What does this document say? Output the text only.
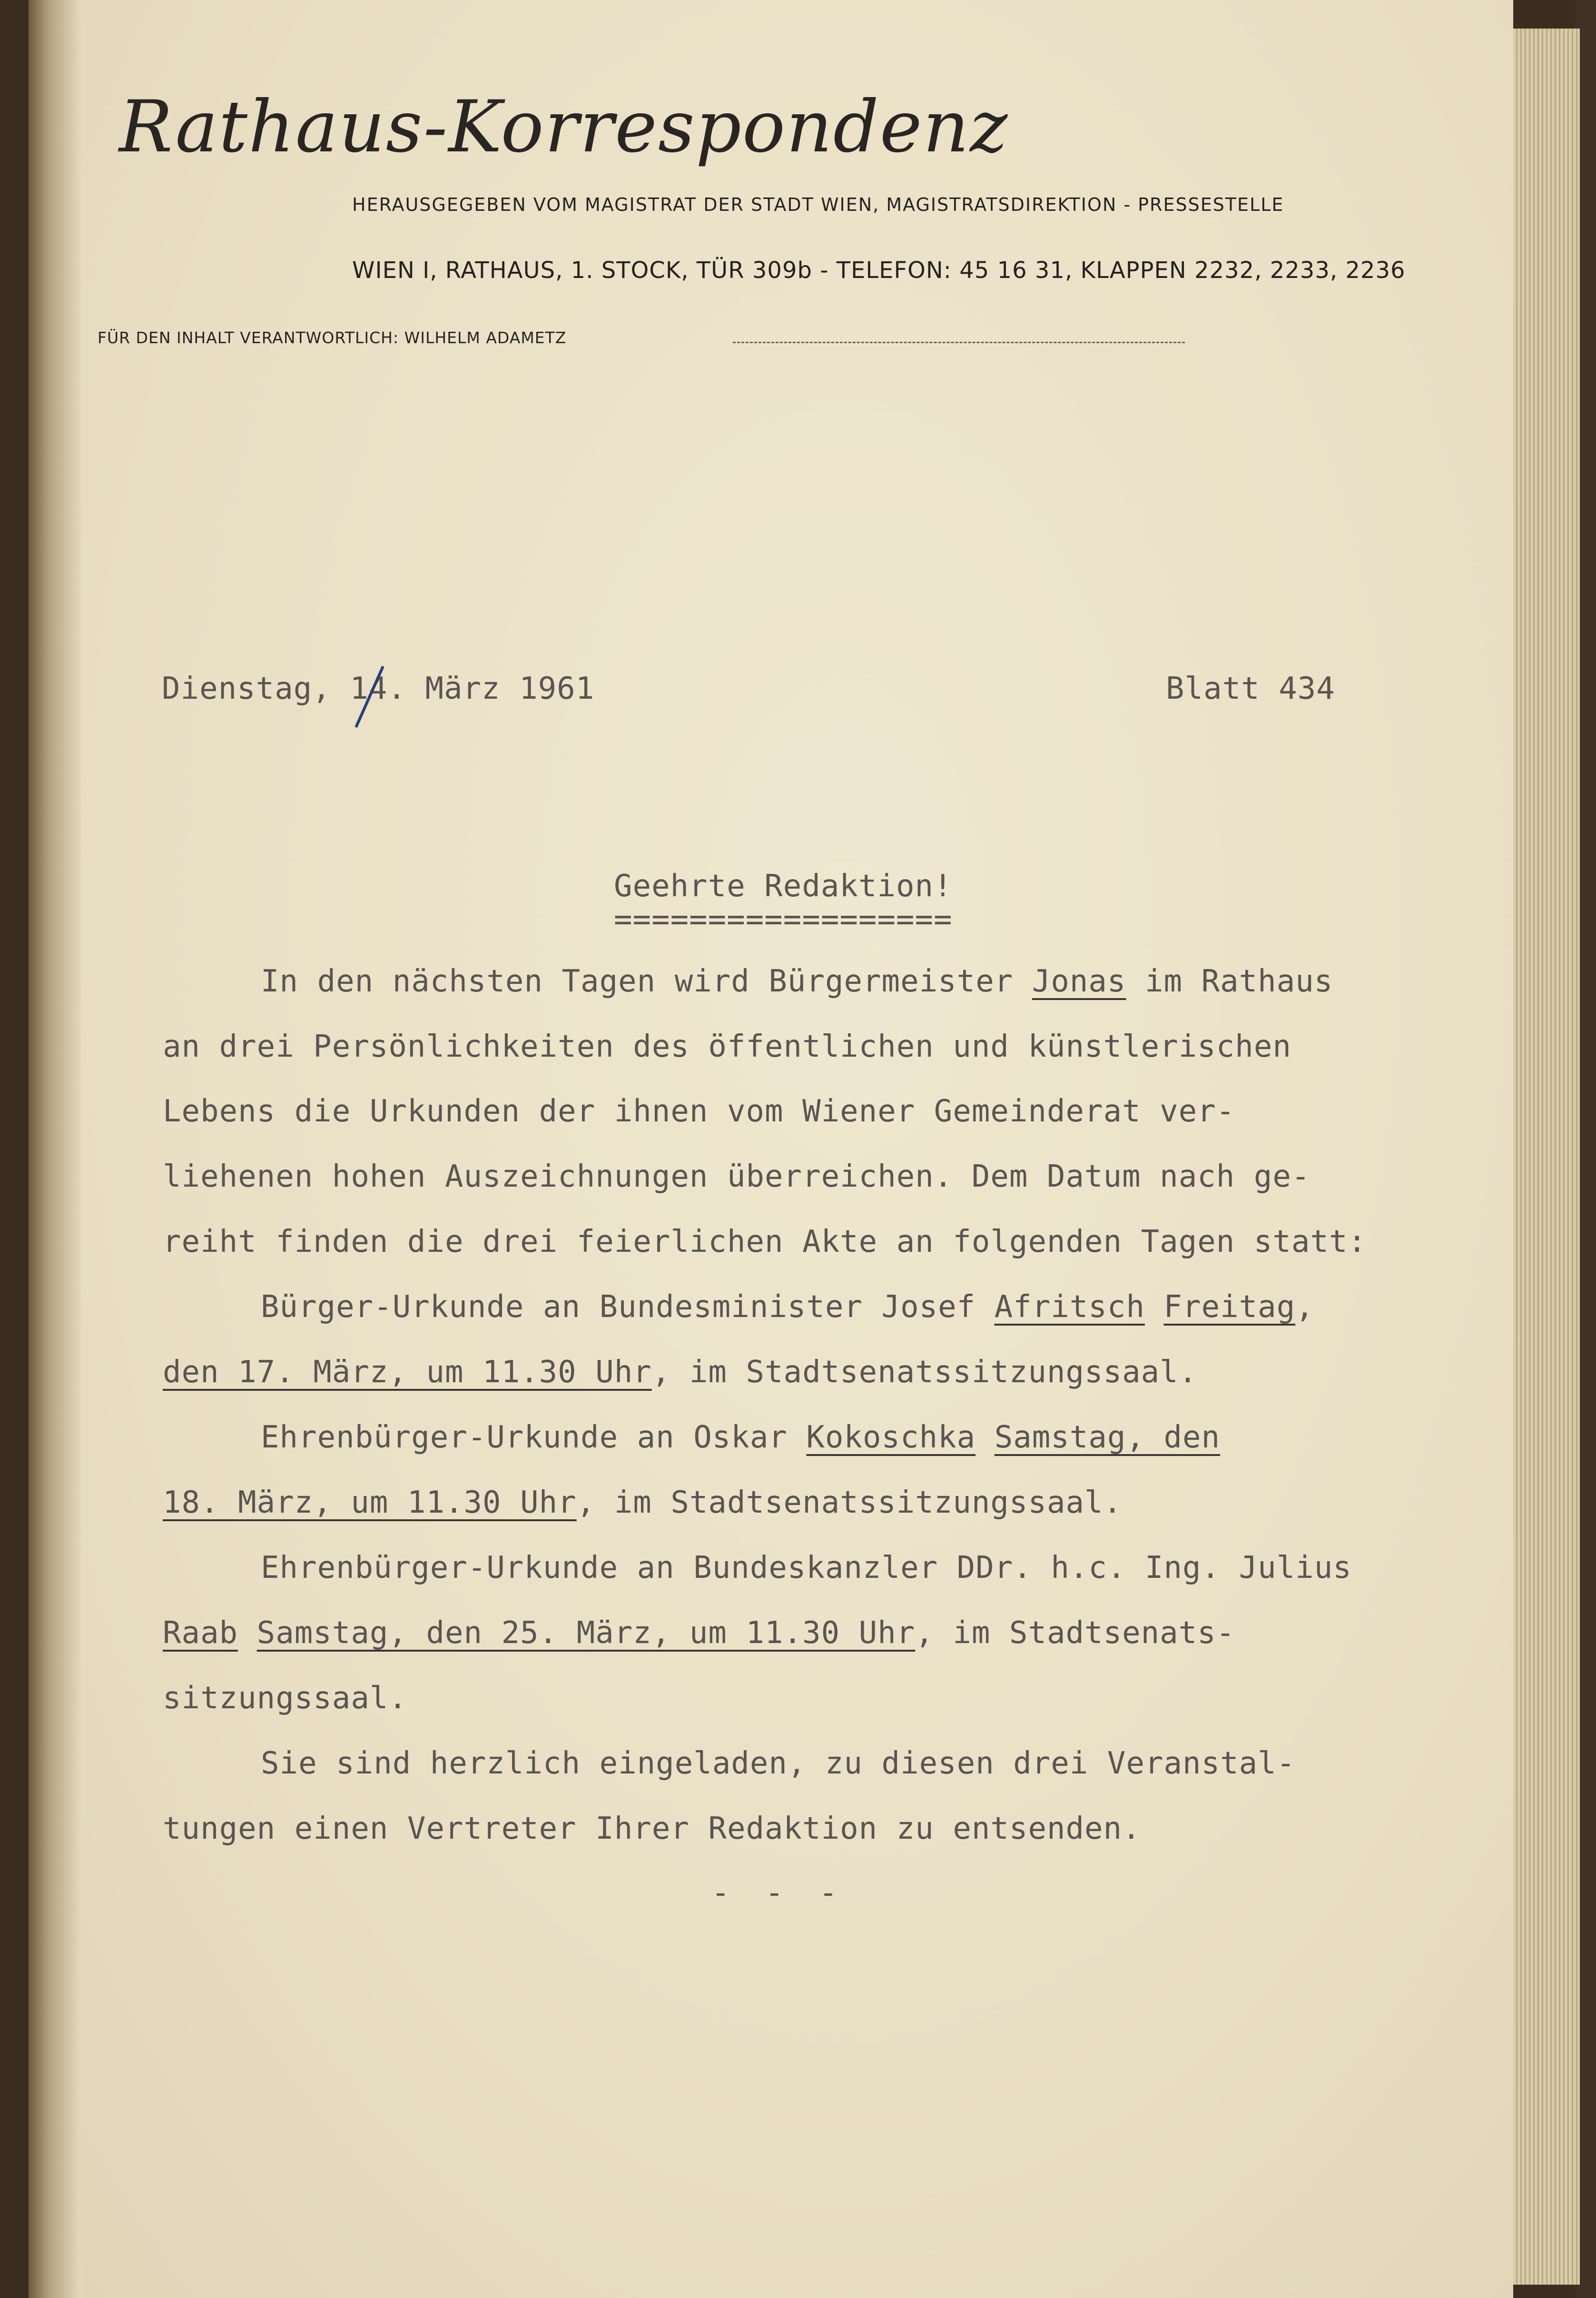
Rathaus-Korrespondenz
HERAUSGEGEBEN VOM MAGISTRAT DER STADT WIEN, MAGISTRATSDIREKTION - PRESSESTELLE
WIEN I, RATHAUS, 1. STOCK, TÜR 309b - TELEFON: 45 16 31, KLAPPEN 2232, 2233, 2236
FÜR DEN INHALT VERANTWORTLICH: WILHELM ADAMETZ
Dienstag, 14. März 1961	Blatt 434
Geehrte Redaktion!
==================
In den nächsten Tagen wird Bürgermeister Jonas im Rathaus
an drei Persönlichkeiten des öffentlichen und künstlerischen
Lebens die Urkunden der ihnen vom Wiener Gemeinderat ver-
liehenen hohen Auszeichnungen überreichen. Dem Datum nach ge-
reiht finden die drei feierlichen Akte an folgenden Tagen statt:
Bürger-Urkunde an Bundesminister Josef Afritsch Freitag,
den 17. März, um 11.30 Uhr, im Stadtsenatssitzungssaal.
Ehrenbürger-Urkunde an Oskar Kokoschka Samstag, den
18. März, um 11.30 Uhr, im Stadtsenatssitzungssaal.
Ehrenbürger-Urkunde an Bundeskanzler DDr. h.c. Ing. Julius
Raab Samstag, den 25. März, um 11.30 Uhr, im Stadtsenats-
sitzungssaal.
Sie sind herzlich eingeladen, zu diesen drei Veranstal-
tungen einen Vertreter Ihrer Redaktion zu entsenden.
- - -
